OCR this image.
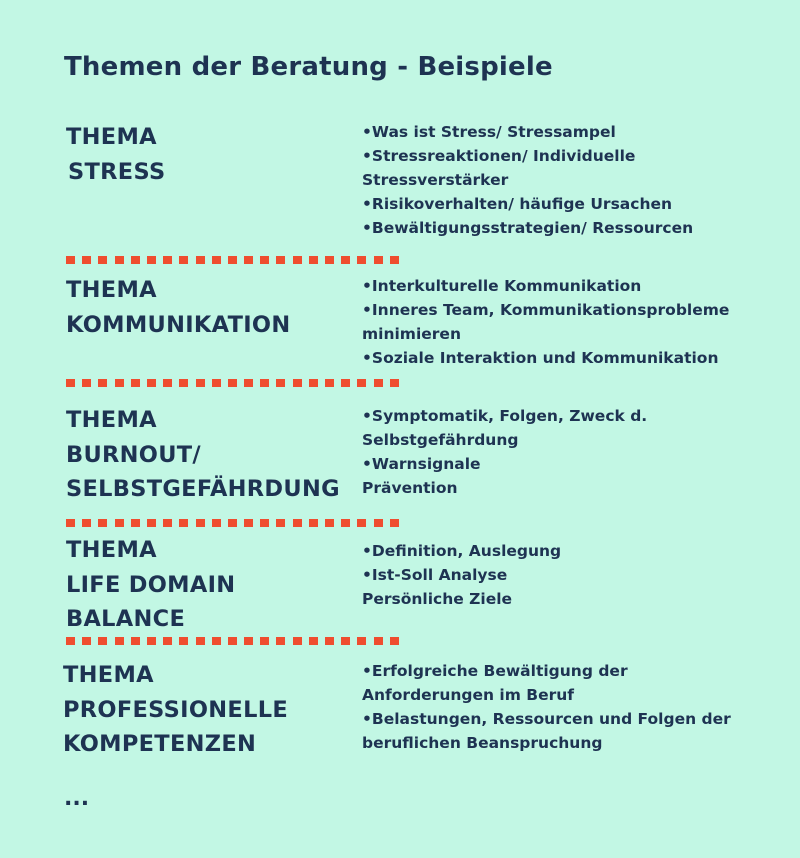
Themen der Beratung - Beispiele
THEMA
STRESS
•Was ist Stress/ Stressampel
•Stressreaktionen/ Individuelle
Stressverstärker
•Risikoverhalten/ häufige Ursachen
•Bewältigungsstrategien/ Ressourcen
THEMA
KOMMUNIKATION
•Interkulturelle Kommunikation
•Inneres Team, Kommunikationsprobleme
minimieren
•Soziale Interaktion und Kommunikation
THEMA
BURNOUT/
SELBSTGEFÄHRDUNG
•Symptomatik, Folgen, Zweck d.
Selbstgefährdung
•Warnsignale
Prävention
THEMA
LIFE DOMAIN
BALANCE
•Definition, Auslegung
•Ist-Soll Analyse
Persönliche Ziele
THEMA
PROFESSIONELLE
KOMPETENZEN
•Erfolgreiche Bewältigung der
Anforderungen im Beruf
•Belastungen, Ressourcen und Folgen der
beruflichen Beanspruchung
...
